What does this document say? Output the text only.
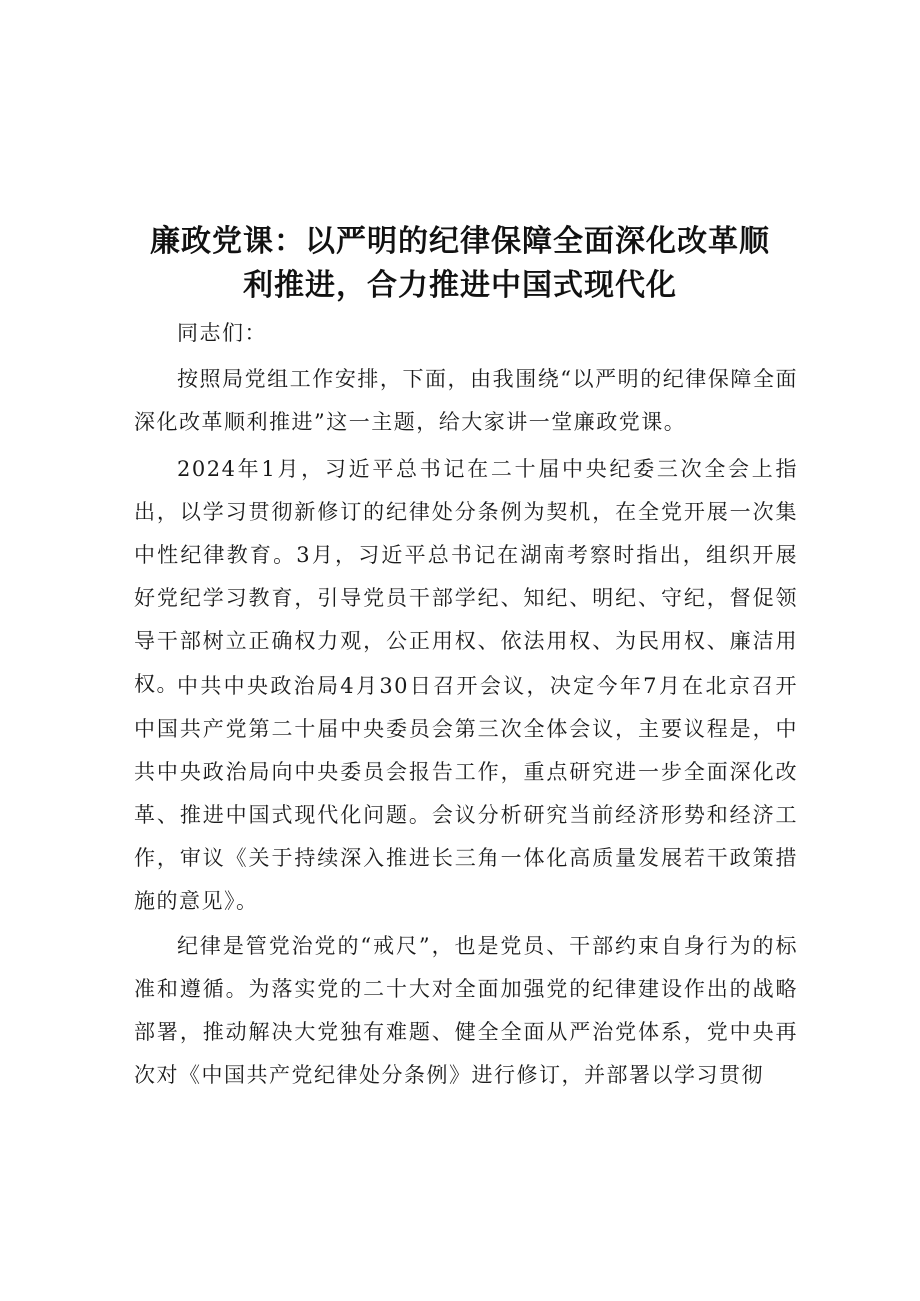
廉政党课：以严明的纪律保障全面深化改革顺
利推进，合力推进中国式现代化
同志们：
按照局党组工作安排，下面，由我围绕“以严明的纪律保障全面深化改革顺利推进”这一主题，给大家讲一堂廉政党课。
2024年1月，习近平总书记在二十届中央纪委三次全会上指出，以学习贯彻新修订的纪律处分条例为契机，在全党开展一次集中性纪律教育。3月，习近平总书记在湖南考察时指出，组织开展好党纪学习教育，引导党员干部学纪、知纪、明纪、守纪，督促领导干部树立正确权力观，公正用权、依法用权、为民用权、廉洁用权。
中共中央政治局4月30日召开会议，决定今年7月在北京召开中国共产党第二十届中央委员会第三次全体会议，主要议程是，中共中央政治局向中央委员会报告工作，重点研究进一步全面深化改革、推进中国式现代化问题。会议分析研究当前经济形势和经济工作，审议《关于持续深入推进长三角一体化高质量发展若干政策措施的意见》。
纪律是管党治党的“戒尺”，也是党员、干部约束自身行为的标准和遵循。为落实党的二十大对全面加强党的纪律建设作出的战略部署，推动解决大党独有难题、健全全面从严治党体系，党中央再次对《中国共产党纪律处分条例》进行修订，并部署以学习贯彻
